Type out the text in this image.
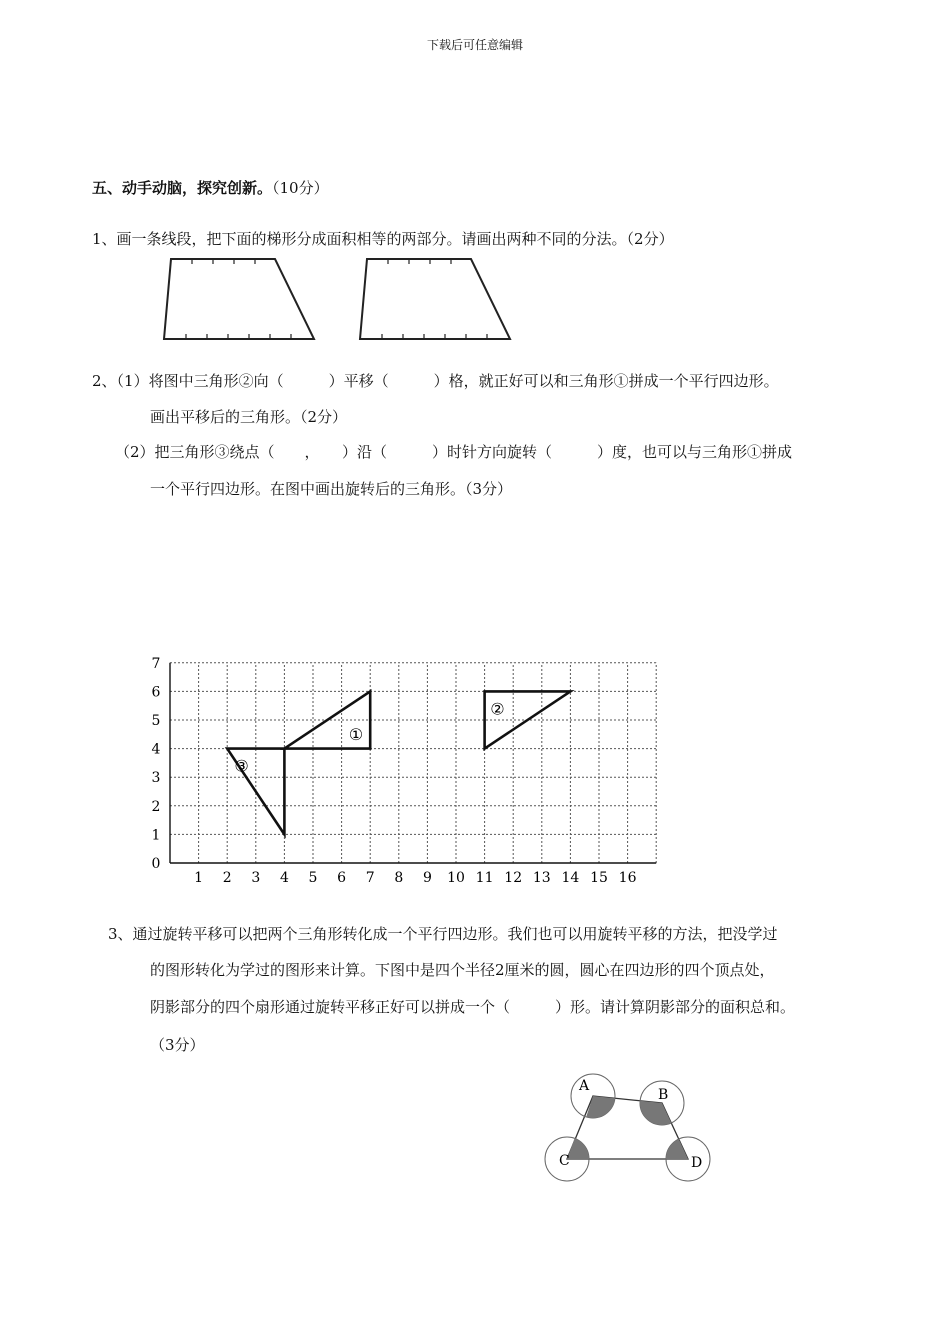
下载后可任意编辑
五、动手动脑，探究创新。（10分）
1、画一条线段，把下面的梯形分成面积相等的两部分。请画出两种不同的分法。（2分）
2、（1）将图中三角形②向（　　　）平移（　　　）格，就正好可以和三角形①拼成一个平行四边形。
画出平移后的三角形。（2分）
（2）把三角形③绕点（　　，　　）沿（　　　）时针方向旋转（　　　）度，也可以与三角形①拼成
一个平行四边形。在图中画出旋转后的三角形。（3分）
1 2 3 4 5 6 7 8 9 10 11 12 13 14 15 16
0
1
2
3
4
5
6
7
①
②
③
3、通过旋转平移可以把两个三角形转化成一个平行四边形。我们也可以用旋转平移的方法，把没学过
的图形转化为学过的图形来计算。下图中是四个半径2厘米的圆，圆心在四边形的四个顶点处，
阴影部分的四个扇形通过旋转平移正好可以拼成一个（　　　）形。请计算阴影部分的面积总和。
（3分）
A
B
C	D
